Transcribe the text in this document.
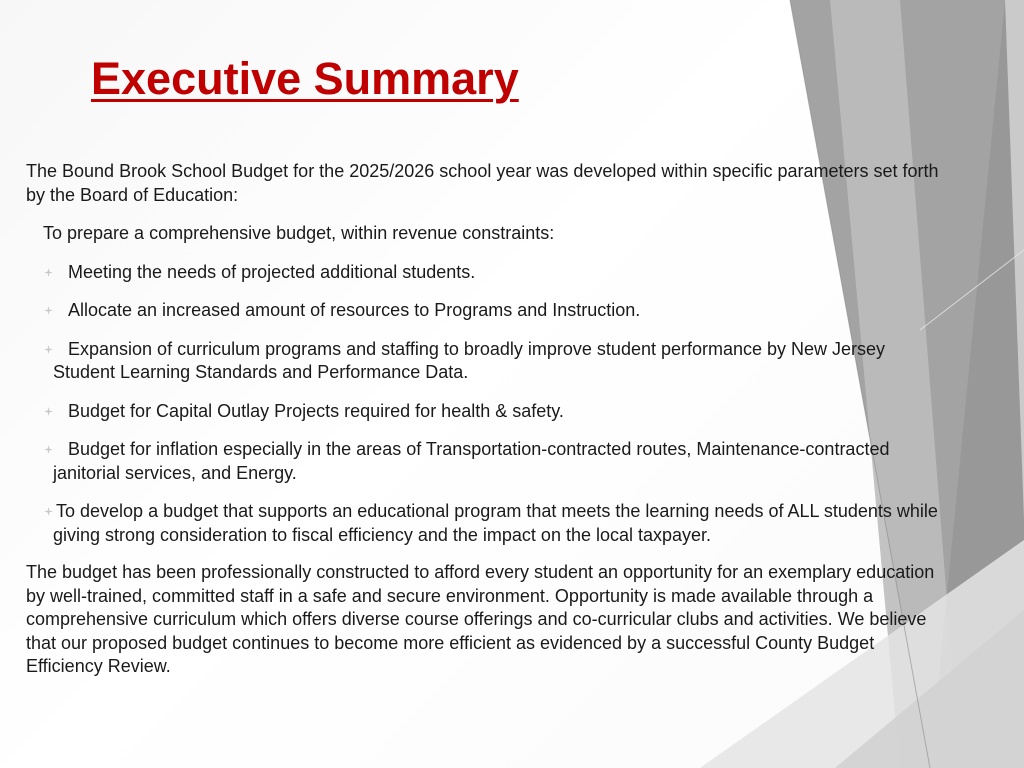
Executive Summary

The Bound Brook School Budget for the 2025/2026 school year was developed within specific parameters set forth by the Board of Education:

To prepare a comprehensive budget, within revenue constraints:

Meeting the needs of projected additional students.

Allocate an increased amount of resources to Programs and Instruction.

Expansion of curriculum programs and staffing to broadly improve student performance by New Jersey Student Learning Standards and Performance Data.

Budget for Capital Outlay Projects required for health & safety.

Budget for inflation especially in the areas of Transportation-contracted routes, Maintenance-contracted janitorial services, and Energy.

To develop a budget that supports an educational program that meets the learning needs of ALL students while giving strong consideration to fiscal efficiency and the impact on the local taxpayer.

The budget has been professionally constructed to afford every student an opportunity for an exemplary education by well-trained, committed staff in a safe and secure environment. Opportunity is made available through a comprehensive curriculum which offers diverse course offerings and co-curricular clubs and activities. We believe that our proposed budget continues to become more efficient as evidenced by a successful County Budget Efficiency Review.
